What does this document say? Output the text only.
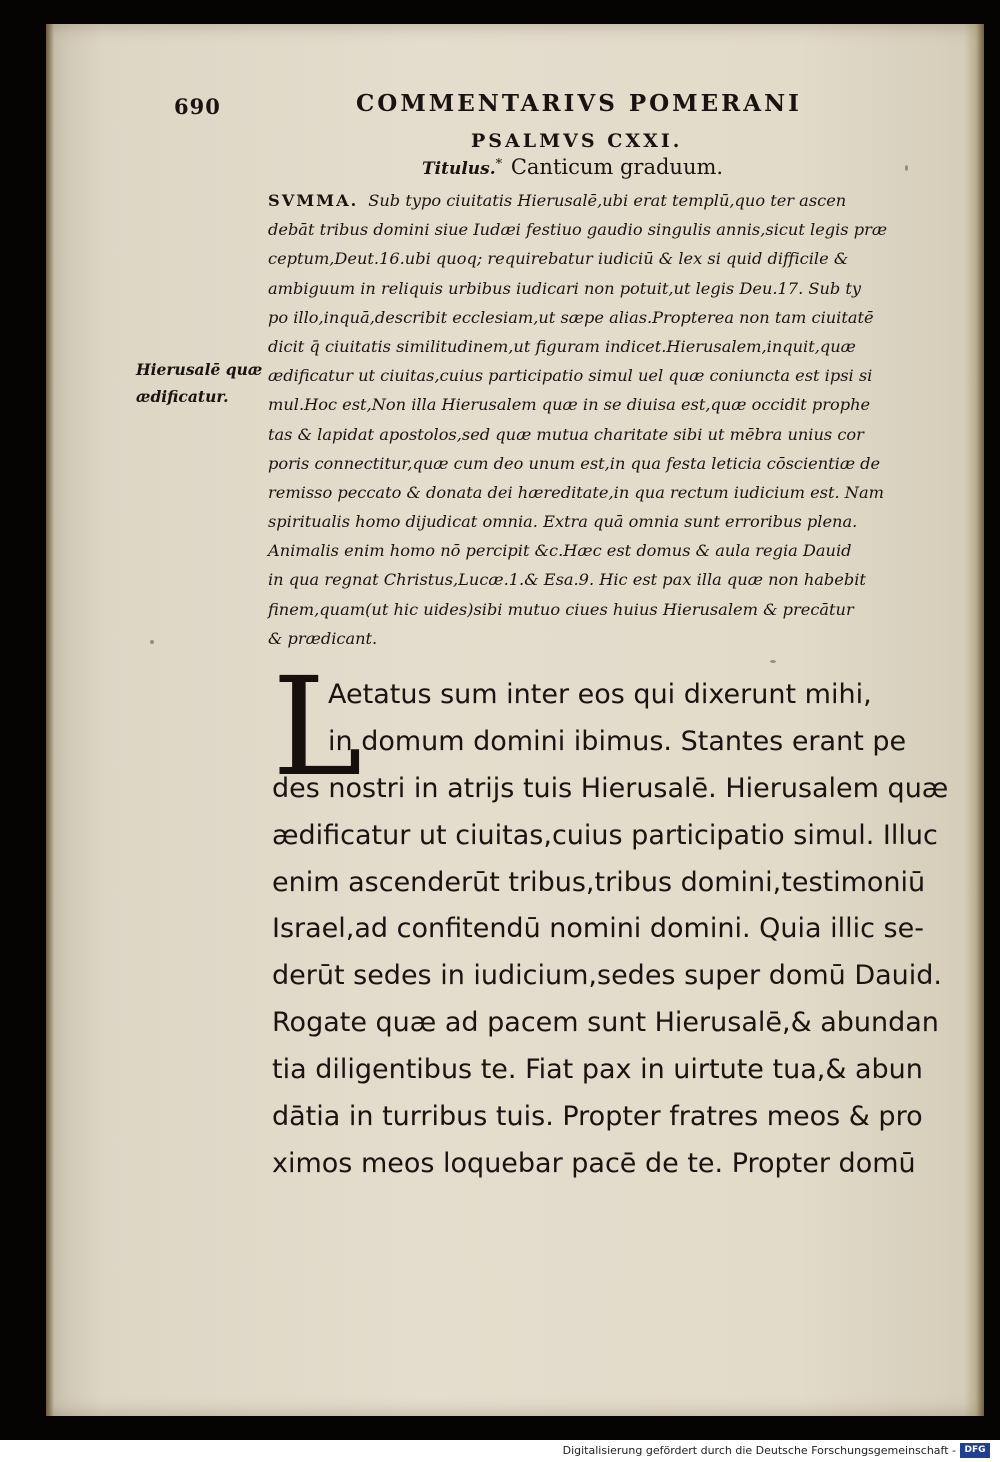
690	COMMENTARIVS POMERANI
PSALMVS CXXI.
Titulus.* Canticum graduum.
SVMMA. Sub typo ciuitatis Hierusalē,ubi erat templū,quo ter ascen
debāt tribus domini siue Iudæi festiuo gaudio singulis annis,sicut legis præ
ceptum,Deut.16.ubi quoq; requirebatur iudiciū & lex si quid difficile &
ambiguum in reliquis urbibus iudicari non potuit,ut legis Deu.17. Sub ty
po illo,inquā,describit ecclesiam,ut sæpe alias.Propterea non tam ciuitatē
dicit q̄ ciuitatis similitudinem,ut figuram indicet.Hierusalem,inquit,quæ
ædificatur ut ciuitas,cuius participatio simul uel quæ coniuncta est ipsi si
mul.Hoc est,Non illa Hierusalem quæ in se diuisa est,quæ occidit prophe
tas & lapidat apostolos,sed quæ mutua charitate sibi ut mēbra unius cor
poris connectitur,quæ cum deo unum est,in qua festa leticia cōscientiæ de
remisso peccato & donata dei hæreditate,in qua rectum iudicium est. Nam
spiritualis homo dijudicat omnia. Extra quā omnia sunt erroribus plena.
Animalis enim homo nō percipit &c.Hæc est domus & aula regia Dauid
in qua regnat Christus,Lucæ.1.& Esa.9. Hic est pax illa quæ non habebit
finem,quam(ut hic uides)sibi mutuo ciues huius Hierusalem & precātur
& prædicant.
Hierusalē quæ
ædificatur.
L
Aetatus sum inter eos qui dixerunt mihi,
in domum domini ibimus. Stantes erant pe
des nostri in atrijs tuis Hierusalē. Hierusalem quæ
ædificatur ut ciuitas,cuius participatio simul. Illuc
enim ascenderūt tribus,tribus domini,testimoniū
Israel,ad confitendū nomini domini. Quia illic se-
derūt sedes in iudicium,sedes super domū Dauid.
Rogate quæ ad pacem sunt Hierusalē,& abundan
tia diligentibus te. Fiat pax in uirtute tua,& abun
dātia in turribus tuis. Propter fratres meos & pro
ximos meos loquebar pacē de te. Propter domū
Digitalisierung gefördert durch die Deutsche Forschungsgemeinschaft - DFG
